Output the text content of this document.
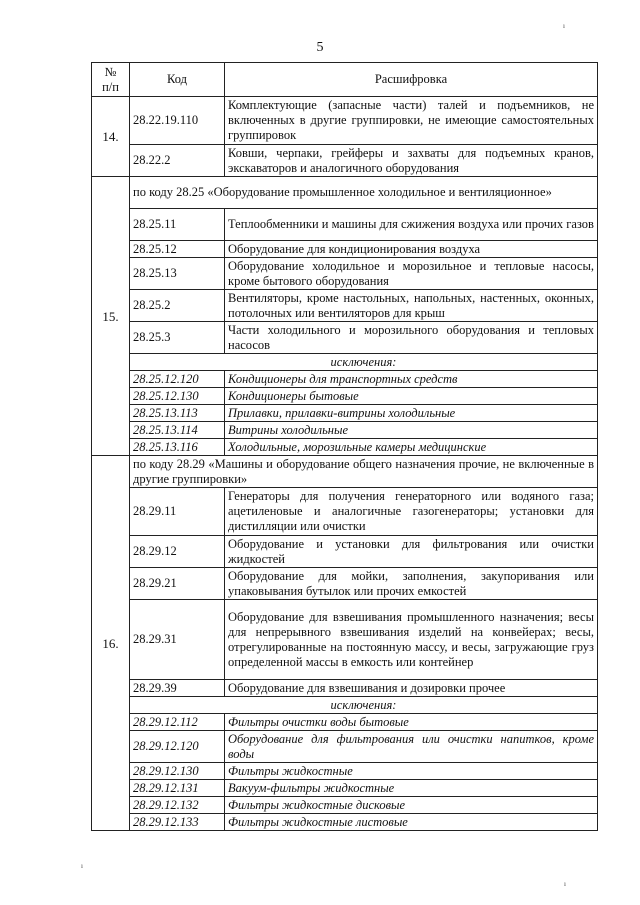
5
ı
ı
ı
№
п/п	Код	Расшифровка
14.	28.22.19.110	Комплектующие (запасные части) талей и подъемников, не включенных в другие группировки, не имеющие самостоятельных группировок
	28.22.2	Ковши, черпаки, грейферы и захваты для подъемных кранов, экскаваторов и аналогичного оборудования
15.	по коду 28.25 «Оборудование промышленное холодильное и вентиляционное»	
	28.25.11	Теплообменники и машины для сжижения воздуха или прочих газов
	28.25.12	Оборудование для кондиционирования воздуха
	28.25.13	Оборудование холодильное и морозильное и тепловые насосы, кроме бытового оборудования
	28.25.2	Вентиляторы, кроме настольных, напольных, настенных, оконных, потолочных или вентиляторов для крыш
	28.25.3	Части холодильного и морозильного оборудования и тепловых насосов
	исключения:	
	28.25.12.120	Кондиционеры для транспортных средств
	28.25.12.130	Кондиционеры бытовые
	28.25.13.113	Прилавки, прилавки-витрины холодильные
	28.25.13.114	Витрины холодильные
	28.25.13.116	Холодильные, морозильные камеры медицинские
16.	по коду 28.29 «Машины и оборудование общего назначения прочие, не включенные в другие группировки»	
	28.29.11	Генераторы для получения генераторного или водяного газа; ацетиленовые и аналогичные газогенераторы; установки для дистилляции или очистки
	28.29.12	Оборудование и установки для фильтрования или очистки жидкостей
	28.29.21	Оборудование для мойки, заполнения, закупоривания или упаковывания бутылок или прочих емкостей
	28.29.31	Оборудование для взвешивания промышленного назначения; весы для непрерывного взвешивания изделий на конвейерах; весы, отрегулированные на постоянную массу, и весы, загружающие груз определенной массы в емкость или контейнер
	28.29.39	Оборудование для взвешивания и дозировки прочее
	исключения:	
	28.29.12.112	Фильтры очистки воды бытовые
	28.29.12.120	Оборудование для фильтрования или очистки напитков, кроме воды
	28.29.12.130	Фильтры жидкостные
	28.29.12.131	Вакуум-фильтры жидкостные
	28.29.12.132	Фильтры жидкостные дисковые
	28.29.12.133	Фильтры жидкостные листовые
